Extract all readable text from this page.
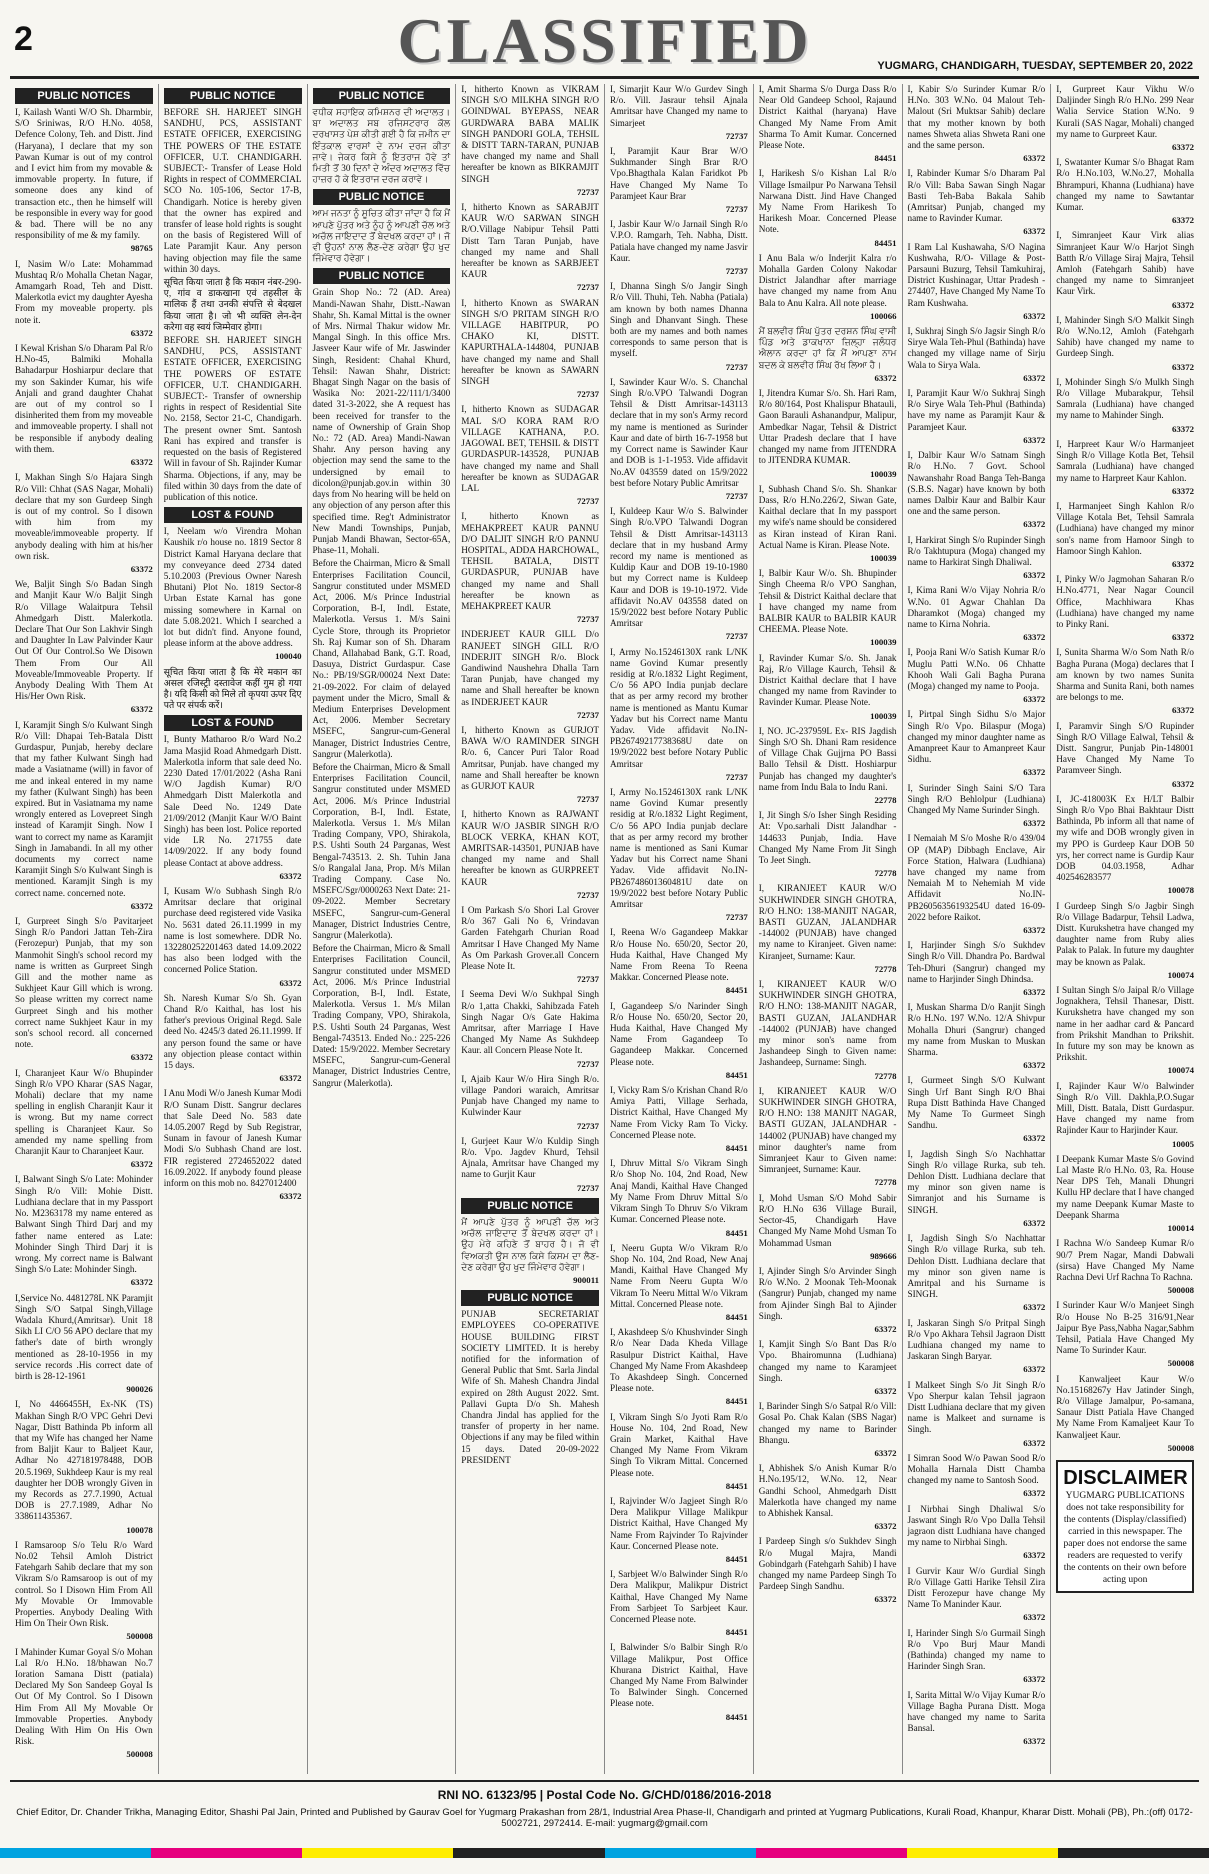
2	CLASSIFIED	YUGMARG, CHANDIGARH, TUESDAY, SEPTEMBER 20, 2022
PUBLIC NOTICES
I, Kailash Wanti W/O Sh. Dharmbir, S/O Sriniwas, R/O H.No. 4058, Defence Colony, Teh. and Distt. Jind (Haryana), I declare that my son Pawan Kumar is out of my control and I evict him from my movable & immovable property. In future, if someone does any kind of transaction etc., then he himself will be responsible in every way for good & bad. There will be no any responsibility of me & my family.
98765
I, Nasim W/o Late: Mohammad Mushtaq R/o Mohalla Chetan Nagar, Amamgarh Road, Teh and Distt. Malerkotla evict my daughter Ayesha From my moveable property. pls note it.
63372
I Kewal Krishan S/o Dharam Pal R/o H.No-45, Balmiki Mohalla Bahadarpur Hoshiarpur declare that my son Sakinder Kumar, his wife Anjali and grand daughter Chahat are out of my control so I disinherited them from my moveable and immoveable property. I shall not be responsible if anybody dealing with them.
63372
I, Makhan Singh S/o Hajara Singh R/o Vill: Chhat (SAS Nagar, Mohali) declare that my son Gurdeep Singh is out of my control. So I disown with him from my moveable/immoveable property. If anybody dealing with him at his/her own risk.
63372
We, Baljit Singh S/o Badan Singh and Manjit Kaur W/o Baljit Singh R/o Village Walaitpura Tehsil Ahmedgarh Distt. Malerkotla. Declare That Our Son Lakhvir Singh and Daughter In Law Palvinder Kaur Out Of Our Control.So We Disown Them From Our All Moveable/Immoveable Property. If Anybody Dealing With Them At His/Her Own Risk.
63372
I, Karamjit Singh S/o Kulwant Singh R/o Vill: Dhapai Teh-Batala Distt Gurdaspur, Punjab, hereby declare that my father Kulwant Singh had made a Vasiatname (will) in favor of me and inkeal entered in my name my father (Kulwant Singh) has been expired. But in Vasiatnama my name wrongly entered as Lovepreet Singh instead of Karamjit Singh. Now I want to correct my name as Karamjit Singh in Jamabandi. In all my other documents my correct name Karamjit Singh S/o Kulwant Singh is mentioned. Karamjit Singh is my correct name. concerned note.
63372
I, Gurpreet Singh S/o Pavitarjeet Singh R/o Pandori Jattan Teh-Zira (Ferozepur) Punjab, that my son Manmohit Singh's school record my name is written as Gurpreet Singh Gill and the mother name as Sukhjeet Kaur Gill which is wrong. So please written my correct name Gurpreet Singh and his mother correct name Sukhjeet Kaur in my son's school record. all concerned note.
63372
I, Charanjeet Kaur W/o Bhupinder Singh R/o VPO Kharar (SAS Nagar, Mohali) declare that my name spelling in english Charanjit Kaur it is wrong. But my name correct spelling is Charanjeet Kaur. So amended my name spelling from Charanjit Kaur to Charanjeet Kaur.
63372
I, Balwant Singh S/o Late: Mohinder Singh R/o Vill: Mohie Distt. Ludhiana declare that in my Passport No. M2363178 my name entered as Balwant Singh Third Darj and my father name entered as Late: Mohinder Singh Third Darj it is wrong. My correct name is Balwant Singh S/o Late: Mohinder Singh.
63372
I,Service No. 4481278L NK Paramjit Singh S/O Satpal Singh,Village Wadala Khurd,(Amritsar). Unit 18 Sikh LI C/O 56 APO declare that my father's date of birth wrongly mentioned as 28-10-1956 in my service records .His correct date of birth is 28-12-1961
900026
I, No 4466455H, Ex-NK (TS) Makhan Singh R/O VPC Gehri Devi Nagar, Distt Bathinda Pb inform all that my Wife has changed her Name from Baljit Kaur to Baljeet Kaur, Adhar No 427181978488, DOB 20.5.1969, Sukhdeep Kaur is my real daughter her DOB wrongly Given in my Records as 27.7.1990, Actual DOB is 27.7.1989, Adhar No 338611435367.
100078
I Ramsaroop S/o Telu R/o Ward No.02 Tehsil Amloh District Fatehgarh Sahib declare that my son Vikram S/o Ramsaroop is out of my control. So I Disown Him From All My Movable Or Immovable Properties. Anybody Dealing With Him On Their Own Risk.
500008
I Mahinder Kumar Goyal S/o Mohan Lal R/o H.No. 18/bhawan No.7 Ioration Samana Distt (patiala) Declared My Son Sandeep Goyal Is Out Of My Control. So I Disown Him From All My Movable Or Immovable Properties. Anybody Dealing With Him On His Own Risk.
500008
PUBLIC NOTICE
BEFORE SH. HARJEET SINGH SANDHU, PCS, ASSISTANT ESTATE OFFICER, EXERCISING THE POWERS OF THE ESTATE OFFICER, U.T. CHANDIGARH. SUBJECT:- Transfer of Lease Hold Rights in respect of COMMERCIAL SCO No. 105-106, Sector 17-B, Chandigarh. Notice is hereby given that the owner has expired and transfer of lease hold rights is sought on the basis of Registered Will of Late Paramjit Kaur. Any person having objection may file the same within 30 days.
सूचित किया जाता है कि मकान नंबर-290-ए, गांव व डाकखाना एवं तहसील के मालिक हैं तथा उनकी संपत्ति से बेदखल किया जाता है। जो भी व्यक्ति लेन-देन करेगा वह स्वयं जिम्मेवार होगा।
BEFORE SH. HARJEET SINGH SANDHU, PCS, ASSISTANT ESTATE OFFICER, EXERCISING THE POWERS OF ESTATE OFFICER, U.T. CHANDIGARH. SUBJECT:- Transfer of ownership rights in respect of Residential Site No. 2158, Sector 21-C, Chandigarh. The present owner Smt. Santosh Rani has expired and transfer is requested on the basis of Registered Will in favour of Sh. Rajinder Kumar Sharma. Objections, if any, may be filed within 30 days from the date of publication of this notice.
LOST & FOUND
I, Neelam w/o Virendra Mohan Kaushik r/o house no. 1819 Sector 8 District Kamal Haryana declare that my conveyance deed 2734 dated 5.10.2003 (Previous Owner Naresh Bhutani) Plot No. 1819 Sector-8 Urban Estate Karnal has gone missing somewhere in Karnal on date 5.08.2021. Which I searched a lot but didn't find. Anyone found, please inform at the above address.
100040
सूचित किया जाता है कि मेरे मकान का असल रजिस्ट्री दस्तावेज कहीं गुम हो गया है। यदि किसी को मिले तो कृपया ऊपर दिए पते पर संपर्क करें।
LOST & FOUND
I, Bunty Matharoo R/o Ward No.2 Jama Masjid Road Ahmedgarh Distt. Malerkotla inform that sale deed No. 2230 Dated 17/01/2022 (Asha Rani W/O Jagdish Kumar) R/O Ahmedgarh Distt Malerkotla and Sale Deed No. 1249 Date 21/09/2012 (Manjit Kaur W/O Baint Singh) has been lost. Police reported vide LR No. 271755 date 14/09/2022. If any body found please Contact at above address.
63372
I, Kusam W/o Subhash Singh R/o Amritsar declare that original purchase deed registered vide Vasika No. 5631 dated 26.11.1999 in my name is lost somewhere. DDR No. 132280252201463 dated 14.09.2022 has also been lodged with the concerned Police Station.
63372
Sh. Naresh Kumar S/o Sh. Gyan Chand R/o Kaithal, has lost his father's previous Original Regd. Sale deed No. 4245/3 dated 26.11.1999. If any person found the same or have any objection please contact within 15 days.
63372
I Anu Modi W/o Janesh Kumar Modi R/O Sunam Distt. Sangrur declares that Sale Deed No. 583 date 14.05.2007 Regd by Sub Registrar, Sunam in favour of Janesh Kumar Modi S/o Subhash Chand are lost. FIR registered 2724652022 dated 16.09.2022. If anybody found please inform on this mob no. 8427012400
63372
PUBLIC NOTICE
ਵਧੀਕ ਸਹਾਇਕ ਕਮਿਸ਼ਨਰ ਦੀ ਅਦਾਲਤ। ਬਾ ਅਦਾਲਤ ਸਬ ਰਜਿਸਟਰਾਰ ਕੋਲ ਦਰਖਾਸਤ ਪੇਸ਼ ਕੀਤੀ ਗਈ ਹੈ ਕਿ ਜਮੀਨ ਦਾ ਇੰਤਕਾਲ ਵਾਰਸਾਂ ਦੇ ਨਾਮ ਦਰਜ ਕੀਤਾ ਜਾਵੇ। ਜੇਕਰ ਕਿਸੇ ਨੂੰ ਇਤਰਾਜ ਹੋਵੇ ਤਾਂ ਮਿਤੀ ਤੋਂ 30 ਦਿਨਾਂ ਦੇ ਅੰਦਰ ਅਦਾਲਤ ਵਿੱਚ ਹਾਜ਼ਰ ਹੋ ਕੇ ਇਤਰਾਜ ਦਰਜ ਕਰਾਵੇ।
PUBLIC NOTICE
ਆਮ ਜਨਤਾ ਨੂੰ ਸੂਚਿਤ ਕੀਤਾ ਜਾਂਦਾ ਹੈ ਕਿ ਮੈਂ ਆਪਣੇ ਪੁੱਤਰ ਅਤੇ ਨੂੰਹ ਨੂੰ ਆਪਣੀ ਚੱਲ ਅਤੇ ਅਚੱਲ ਜਾਇਦਾਦ ਤੋਂ ਬੇਦਖਲ ਕਰਦਾ ਹਾਂ। ਜੋ ਵੀ ਉਹਨਾਂ ਨਾਲ ਲੈਣ-ਦੇਣ ਕਰੇਗਾ ਉਹ ਖੁਦ ਜਿੰਮੇਵਾਰ ਹੋਵੇਗਾ।
PUBLIC NOTICE
Grain Shop No.: 72 (AD. Area) Mandi-Nawan Shahr, Distt.-Nawan Shahr, Sh. Kamal Mittal is the owner of Mrs. Nirmal Thakur widow Mr. Mangal Singh. In this office Mrs. Jasveer Kaur wife of Mr. Jaswinder Singh, Resident: Chahal Khurd, Tehsil: Nawan Shahr, District: Bhagat Singh Nagar on the basis of Wasika No: 2021-22/111/1/3400 dated 31-3-2022, she A request has been received for transfer to the name of Ownership of Grain Shop No.: 72 (AD. Area) Mandi-Nawan Shahr. Any person having any objection may send the same to the undersigned by email to dicolon@punjab.gov.in within 30 days from No hearing will be held on any objection of any person after this specified time. Reg't Administrator New Mandi Townships, Punjab, Punjab Mandi Bhawan, Sector-65A, Phase-11, Mohali.
Before the Chairman, Micro & Small Enterprises Facilitation Council, Sangrur constituted under MSMED Act, 2006. M/s Prince Industrial Corporation, B-I, Indl. Estate, Malerkotla. Versus 1. M/s Saini Cycle Store, through its Proprietor Sh. Raj Kumar son of Sh. Dharam Chand, Allahabad Bank, G.T. Road, Dasuya, District Gurdaspur. Case No.: PB/19/SGR/00024 Next Date: 21-09-2022. For claim of delayed payment under the Micro, Small & Medium Enterprises Development Act, 2006. Member Secretary MSEFC, Sangrur-cum-General Manager, District Industries Centre, Sangrur (Malerkotla).
Before the Chairman, Micro & Small Enterprises Facilitation Council, Sangrur constituted under MSMED Act, 2006. M/s Prince Industrial Corporation, B-I, Indl. Estate, Malerkotla. Versus 1. M/s Milan Trading Company, VPO, Shirakola, P.S. Ushti South 24 Parganas, West Bengal-743513. 2. Sh. Tuhin Jana S/o Rangalal Jana, Prop. M/s Milan Trading Company. Case No. MSEFC/Sgr/0000263 Next Date: 21-09-2022. Member Secretary MSEFC, Sangrur-cum-General Manager, District Industries Centre, Sangrur (Malerkotla).
Before the Chairman, Micro & Small Enterprises Facilitation Council, Sangrur constituted under MSMED Act, 2006. M/s Prince Industrial Corporation, B-I, Indl. Estate, Malerkotla. Versus 1. M/s Milan Trading Company, VPO, Shirakola, P.S. Ushti South 24 Parganas, West Bengal-743513. Ended No.: 225-226 Dated: 15/9/2022. Member Secretary MSEFC, Sangrur-cum-General Manager, District Industries Centre, Sangrur (Malerkotla).
I, hitherto Known as VIKRAM SINGH S/O MILKHA SINGH R/O GOINDWAL BYEPASS, NEAR GURDWARA BABA MALIK SINGH PANDORI GOLA, TEHSIL & DISTT TARN-TARAN, PUNJAB have changed my name and Shall hereafter be known as BIKRAMJIT SINGH
72737
I, hitherto Known as SARABJIT KAUR W/O SARWAN SINGH R/O.Village Nabipur Tehsil Patti Distt Tarn Taran Punjab, have changed my name and Shall hereafter be known as SARBJEET KAUR
72737
I, hitherto Known as SWARAN SINGH S/O PRITAM SINGH R/O VILLAGE HABITPUR, PO CHAKO KI, DISTT. KAPURTHALA-144804, PUNJAB have changed my name and Shall hereafter be known as SAWARN SINGH
72737
I, hitherto Known as SUDAGAR MAL S/O KORA RAM R/O VILLAGE KATHANA, P.O. JAGOWAL BET, TEHSIL & DISTT GURDASPUR-143528, PUNJAB have changed my name and Shall hereafter be known as SUDAGAR LAL
72737
I, hitherto Known as MEHAKPREET KAUR PANNU D/O DALJIT SINGH R/O PANNU HOSPITAL, ADDA HARCHOWAL, TEHSIL BATALA, DISTT GURDASPUR, PUNJAB have changed my name and Shall hereafter be known as MEHAKPREET KAUR
72737
INDERJEET KAUR GILL D/o RANJEET SINGH GILL R/O INDERJIT SINGH R/o. Block Gandiwind Naushehra Dhalla Tarn Taran Punjab, have changed my name and Shall hereafter be known as INDERJEET KAUR
72737
I, hitherto Known as GURJOT BAWA W/O RAMINDER SINGH R/o. 6, Cancer Puri Talor Road Amritsar, Punjab. have changed my name and Shall hereafter be known as GURJOT KAUR
72737
I, hitherto Known as RAJWANT KAUR W/O JASBIR SINGH R/O BLOCK VERKA, KHAN KOT, AMRITSAR-143501, PUNJAB have changed my name and Shall hereafter be known as GURPREET KAUR
72737
I Om Parkash S/o Shori Lal Grover R/o 367 Gali No 6, Vrindavan Garden Fatehgarh Churian Road Amritsar I Have Changed My Name As Om Parkash Grover.all Concern Please Note It.
72737
I Seema Devi W/o Sukhpal Singh R/o 1,atta Chakki, Sahibzada Fateh Singh Nagar O/s Gate Hakima Amritsar, after Marriage I Have Changed My Name As Sukhdeep Kaur. all Concern Please Note It.
72737
I, Ajaib Kaur W/o Hira Singh R/o. village Pandori waraich, Amritsar Punjab have Changed my name to Kulwinder Kaur
72737
I, Gurjeet Kaur W/o Kuldip Singh R/o. Vpo. Jagdev Khurd, Tehsil Ajnala, Amritsar have Changed my name to Gurjit Kaur
72737
PUBLIC NOTICE
ਮੈਂ ਆਪਣੇ ਪੁੱਤਰ ਨੂੰ ਆਪਣੀ ਚੱਲ ਅਤੇ ਅਚੱਲ ਜਾਇਦਾਦ ਤੋਂ ਬੇਦਖਲ ਕਰਦਾ ਹਾਂ। ਉਹ ਮੇਰੇ ਕਹਿਣੇ ਤੋਂ ਬਾਹਰ ਹੈ। ਜੋ ਵੀ ਵਿਅਕਤੀ ਉਸ ਨਾਲ ਕਿਸੇ ਕਿਸਮ ਦਾ ਲੈਣ-ਦੇਣ ਕਰੇਗਾ ਉਹ ਖੁਦ ਜਿੰਮੇਵਾਰ ਹੋਵੇਗਾ।
900011
PUBLIC NOTICE
PUNJAB SECRETARIAT EMPLOYEES CO-OPERATIVE HOUSE BUILDING FIRST SOCIETY LIMITED. It is hereby notified for the information of General Public that Smt. Sarla Jindal Wife of Sh. Mahesh Chandra Jindal expired on 28th August 2022. Smt. Pallavi Gupta D/o Sh. Mahesh Chandra Jindal has applied for the transfer of property in her name. Objections if any may be filed within 15 days. Dated 20-09-2022 PRESIDENT
I, Simarjit Kaur W/o Gurdev Singh R/o. Vill. Jasraur tehsil Ajnala Amritsar have Changed my name to Simarjeet
72737
I, Paramjit Kaur Brar W/O Sukhmander Singh Brar R/O Vpo.Bhagthala Kalan Faridkot Pb Have Changed My Name To Paramjeet Kaur Brar
72737
I, Jasbir Kaur W/o Jarnail Singh R/o V.P.O. Ramgarh, Teh. Nabha, Distt. Patiala have changed my name Jasvir Kaur.
72737
I, Dhanna Singh S/o Jangir Singh R/o Vill. Thuhi, Teh. Nabha (Patiala) am known by both names Dhanna Singh and Dhanvant Singh. These both are my names and both names corresponds to same person that is myself.
72737
I, Sawinder Kaur W/o. S. Chanchal Singh R/o.VPO Talwandi Dogran Tehsil & Distt Amritsar-143113 declare that in my son's Army record my name is mentioned as Surinder Kaur and date of birth 16-7-1958 but my Correct name is Sawinder Kaur and DOB is 1-1-1953. Vide affidavit No.AV 043559 dated on 15/9/2022 best before Notary Public Amritsar
72737
I, Kuldeep Kaur W/o S. Balwinder Singh R/o.VPO Talwandi Dogran Tehsil & Distt Amritsar-143113 declare that in my husband Army record my name is mentioned as Kuldip Kaur and DOB 19-10-1980 but my Correct name is Kuldeep Kaur and DOB is 19-10-1972. Vide affidavit No.AV 043558 dated on 15/9/2022 best before Notary Public Amritsar
72737
I, Army No.15246130X rank L/NK name Govind Kumar presently residig at R/o.1832 Light Regiment, C/o 56 APO India punjab declare that as per army record my brother name is mentioned as Mantu Kumar Yadav but his Correct name Mantu Yadav. Vide affidavit No.IN-PB26749217738368U date on 19/9/2022 best before Notary Public Amritsar
72737
I, Army No.15246130X rank L/NK name Govind Kumar presently residig at R/o.1832 Light Regiment, C/o 56 APO India punjab declare that as per army record my brother name is mentioned as Sani Kumar Yadav but his Correct name Shani Yadav. Vide affidavit No.IN-PB26748601360481U date on 19/9/2022 best before Notary Public Amritsar
72737
I, Reena W/o Gagandeep Makkar R/o House No. 650/20, Sector 20, Huda Kaithal, Have Changed My Name From Reena To Reena Makkar. Concerned Please note.
84451
I, Gagandeep S/o Narinder Singh R/o House No. 650/20, Sector 20, Huda Kaithal, Have Changed My Name From Gagandeep To Gagandeep Makkar. Concerned Please note.
84451
I, Vicky Ram S/o Krishan Chand R/o Amiya Patti, Village Serhada, District Kaithal, Have Changed My Name From Vicky Ram To Vicky. Concerned Please note.
84451
I, Dhruv Mittal S/o Vikram Singh R/o Shop No. 104, 2nd Road, New Anaj Mandi, Kaithal Have Changed My Name From Dhruv Mittal S/o Vikram Singh To Dhruv S/o Vikram Kumar. Concerned Please note.
84451
I, Neeru Gupta W/o Vikram R/o Shop No. 104, 2nd Road, New Anaj Mandi, Kaithal Have Changed My Name From Neeru Gupta W/o Vikram To Neeru Mittal W/o Vikram Mittal. Concerned Please note.
84451
I, Akashdeep S/o Khushvinder Singh R/o Near Dada Kheda Village Rasulpur District Kaithal, Have Changed My Name From Akashdeep To Akashdeep Singh. Concerned Please note.
84451
I, Vikram Singh S/o Jyoti Ram R/o House No. 104, 2nd Road, New Grain Market, Kaithal Have Changed My Name From Vikram Singh To Vikram Mittal. Concerned Please note.
84451
I, Rajvinder W/o Jagjeet Singh R/o Dera Malikpur Village Malikpur District Kaithal, Have Changed My Name From Rajvinder To Rajvinder Kaur. Concerned Please note.
84451
I, Sarbjeet W/o Balwinder Singh R/o Dera Malikpur, Malikpur District Kaithal, Have Changed My Name From Sarbjeet To Sarbjeet Kaur. Concerned Please note.
84451
I, Balwinder S/o Balbir Singh R/o Village Malikpur, Post Office Khurana District Kaithal, Have Changed My Name From Balwinder To Balwinder Singh. Concerned Please note.
84451
I, Amit Sharma S/o Durga Dass R/o Near Old Gandeep School, Rajaund District Kaithal (haryana) Have Changed My Name From Amit Sharma To Amit Kumar. Concerned Please Note.
84451
I, Harikesh S/o Kishan Lal R/o Village Ismailpur Po Narwana Tehsil Narwana Distt. Jind Have Changed My Name From Harikesh To Harikesh Moar. Concerned Please Note.
84451
I Anu Bala w/o Inderjit Kalra r/o Mohalla Garden Colony Nakodar District Jalandhar after marriage have changed my name from Anu Bala to Anu Kalra. All note please.
100066
ਮੈਂ ਬਲਵੀਰ ਸਿੰਘ ਪੁੱਤਰ ਦਰਸ਼ਨ ਸਿੰਘ ਵਾਸੀ ਪਿੰਡ ਅਤੇ ਡਾਕਖਾਨਾ ਜ਼ਿਲ੍ਹਾ ਜਲੰਧਰ ਐਲਾਨ ਕਰਦਾ ਹਾਂ ਕਿ ਮੈਂ ਆਪਣਾ ਨਾਮ ਬਦਲ ਕੇ ਬਲਵੀਰ ਸਿੰਘ ਰੱਖ ਲਿਆ ਹੈ।
63372
I, Jitendra Kumar S/o. Sh. Hari Ram, R/o 80/164, Post Khalispur Bhatauli, Gaon Barauli Ashanandpur, Malipur, Ambedkar Nagar, Tehsil & District Uttar Pradesh declare that I have changed my name from JITENDRA to JITENDRA KUMAR.
100039
I, Subhash Chand S/o. Sh. Shankar Dass, R/o H.No.226/2, Siwan Gate, Kaithal declare that In my passport my wife's name should be considered as Kiran instead of Kiran Rani. Actual Name is Kiran. Please Note.
100039
I, Balbir Kaur W/o. Sh. Bhupinder Singh Cheema R/o VPO Sanghan, Tehsil & District Kaithal declare that I have changed my name from BALBIR KAUR to BALBIR KAUR CHEEMA. Please Note.
100039
I, Ravinder Kumar S/o. Sh. Janak Raj, R/o Village Kaurch, Tehsil & District Kaithal declare that I have changed my name from Ravinder to Ravinder Kumar. Please Note.
100039
I, NO. JC-237959L Ex- RIS Jagdish Singh S/O Sh. Dhani Ram residence of Village Chak Gujjrna PO Bassi Ballo Tehsil & Distt. Hoshiarpur Punjab has changed my daughter's name from Indu Bala to Indu Rani.
22778
I, Jit Singh S/o Isher Singh Residing At: Vpo.sarhali Distt Jalandhar - 144633 Punjab, India. Have Changed My Name From Jit Singh To Jeet Singh.
72778
I, KIRANJEET KAUR W/O SUKHWINDER SINGH GHOTRA, R/O H.NO: 138-MANJIT NAGAR, BASTI GUZAN, JALANDHAR -144002 (PUNJAB) have changed my name to Kiranjeet. Given name: Kiranjeet, Surname: Kaur.
72778
I, KIRANJEET KAUR W/O SUKHWINDER SINGH GHOTRA, R/O H.NO: 138-MANJIT NAGAR, BASTI GUZAN, JALANDHAR -144002 (PUNJAB) have changed my minor son's name from Jashandeep Singh to Given name: Jashandeep, Surname: Singh.
72778
I, KIRANJEET KAUR W/O SUKHWINDER SINGH GHOTRA, R/O H.NO: 138 MANJIT NAGAR, BASTI GUZAN, JALANDHAR - 144002 (PUNJAB) have changed my minor daughter's name from Simranjeet Kaur to Given name: Simranjeet, Surname: Kaur.
72778
I, Mohd Usman S/O Mohd Sabir R/O H.No 636 Village Burail, Sector-45, Chandigarh Have Changed My Name Mohd Usman To Mohammad Usman
989666
I, Ajinder Singh S/o Arvinder Singh R/o W.No. 2 Moonak Teh-Moonak (Sangrur) Punjab, changed my name from Ajinder Singh Bal to Ajinder Singh.
63372
I, Kamjit Singh S/o Bant Das R/o Vpo. Bhairomunna (Ludhiana) changed my name to Karamjeet Singh.
63372
I, Barinder Singh S/o Satpal R/o Vill: Gosal Po. Chak Kalan (SBS Nagar) changed my name to Barinder Bhangu.
63372
I, Abhishek S/o Anish Kumar R/o H.No.195/12, W.No. 12, Near Gandhi School, Ahmedgarh Distt Malerkotla have changed my name to Abhishek Kansal.
63372
I Pardeep Singh s/o Sukhdev Singh R/o Mugal Majra, Mandi Gobindgarh (Fatehgarh Sahib) I have changed my name Pardeep Singh To Pardeep Singh Sandhu.
63372
I, Kabir S/o Surinder Kumar R/o H.No. 303 W.No. 04 Malout Teh-Malout (Sri Muktsar Sahib) declare that my mother known by both names Shweta alias Shweta Rani one and the same person.
63372
I, Rabinder Kumar S/o Dharam Pal R/o Vill: Baba Sawan Singh Nagar Basti Teh-Baba Bakala Sahib (Amritsar) Punjab, changed my name to Ravinder Kumar.
63372
I Ram Lal Kushawaha, S/O Nagina Kushwaha, R/O- Village & Post-Parsauni Buzurg, Tehsil Tamkuhiraj, District Kushinagar, Uttar Pradesh - 274407, Have Changed My Name To Ram Kushwaha.
63372
I, Sukhraj Singh S/o Jagsir Singh R/o Sirye Wala Teh-Phul (Bathinda) have changed my village name of Sirju Wala to Sirya Wala.
63372
I, Paramjit Kaur W/o Sukhraj Singh R/o Sirye Wala Teh-Phul (Bathinda) have my name as Paramjit Kaur & Paramjeet Kaur.
63372
I, Dalbir Kaur W/o Satnam Singh R/o H.No. 7 Govt. School Nawanshahr Road Banga Teh-Banga (S.B.S. Nagar) have known by both names Dalbir Kaur and Balbir Kaur one and the same person.
63372
I, Harkirat Singh S/o Rupinder Singh R/o Takhtupura (Moga) changed my name to Harkirat Singh Dhaliwal.
63372
I, Kima Rani W/o Vijay Nohria R/o W.No. 01 Agwar Chahlan Da Dharamkot (Moga) changed my name to Kirna Nohria.
63372
I, Pooja Rani W/o Satish Kumar R/o Muglu Patti W.No. 06 Chhatte Khooh Wali Gali Bagha Purana (Moga) changed my name to Pooja.
63372
I, Pirtpal Singh Sidhu S/o Major Singh R/o Vpo. Bilaspur (Moga) changed my minor daughter name as Amanpreet Kaur to Amanpreet Kaur Sidhu.
63372
I, Surinder Singh Saini S/O Tara Singh R/O Behlolpur (Ludhiana) Changed My Name Surinder Singh.
63372
I Nemaiah M S/o Moshe R/o 439/04 OP (MAP) Dibbagh Enclave, Air Force Station, Halwara (Ludhiana) have changed my name from Nemaiah M to Nehemiah M vide Affidavit No.IN-PB26056356193254U dated 16-09-2022 before Raikot.
63372
I, Harjinder Singh S/o Sukhdev Singh R/o Vill. Dhandra Po. Bardwal Teh-Dhuri (Sangrur) changed my name to Harjinder Singh Dhindsa.
63372
I, Muskan Sharma D/o Ranjit Singh R/o H.No. 197 W.No. 12/A Shivpur Mohalla Dhuri (Sangrur) changed my name from Muskan to Muskan Sharma.
63372
I, Gurmeet Singh S/O Kulwant Singh Urf Bant Singh R/O Bhai Rupa Distt Bathinda Have Changed My Name To Gurmeet Singh Sandhu.
63372
I, Jagdish Singh S/o Nachhattar Singh R/o village Rurka, sub teh. Dehlon Distt. Ludhiana declare that my minor son given name is Simranjot and his Surname is SINGH.
63372
I, Jagdish Singh S/o Nachhattar Singh R/o village Rurka, sub teh. Dehlon Distt. Ludhiana declare that my minor son given name is Amritpal and his Surname is SINGH.
63372
I, Jaskaran Singh S/o Pritpal Singh R/o Vpo Akhara Tehsil Jagraon Distt Ludhiana changed my name to Jaskaran Singh Baryar.
63372
I Malkeet Singh S/o Jit Singh R/o Vpo Sherpur kalan Tehsil jagraon Distt Ludhiana declare that my given name is Malkeet and surname is Singh.
63372
I Simran Sood W/o Pawan Sood R/o Mohalla Harnala Distt Chamba changed my name to Santosh Sood.
63372
I Nirbhai Singh Dhaliwal S/o Jaswant Singh R/o Vpo Dalla Tehsil jagraon distt Ludhiana have changed my name to Nirbhai Singh.
63372
I Gurvir Kaur W/o Gurdial Singh R/o Village Gatti Harike Tehsil Zira Distt Ferozepur have change My Name To Maninder Kaur.
63372
I, Harinder Singh S/o Gurmail Singh R/o Vpo Burj Maur Mandi (Bathinda) changed my name to Harinder Singh Sran.
63372
I, Sarita Mittal W/o Vijay Kumar R/o Village Bagha Purana Distt. Moga have changed my name to Sarita Bansal.
63372
I, Gurpreet Kaur Vikhu W/o Daljinder Singh R/o H.No. 299 Near Walia Service Station W.No. 9 Kurali (SAS Nagar, Mohali) changed my name to Gurpreet Kaur.
63372
I, Swatanter Kumar S/o Bhagat Ram R/o H.No.103, W.No.27, Mohalla Bhrampuri, Khanna (Ludhiana) have changed my name to Sawtantar Kumar.
63372
I, Simranjeet Kaur Virk alias Simranjeet Kaur W/o Harjot Singh Batth R/o Village Siraj Majra, Tehsil Amloh (Fatehgarh Sahib) have changed my name to Simranjeet Kaur Virk.
63372
I, Mahinder Singh S/O Malkit Singh R/o W.No.12, Amloh (Fatehgarh Sahib) have changed my name to Gurdeep Singh.
63372
I, Mohinder Singh S/o Mulkh Singh R/o Village Mubarakpur, Tehsil Samrala (Ludhiana) have changed my name to Mahinder Singh.
63372
I, Harpreet Kaur W/o Harmanjeet Singh R/o Village Kotla Bet, Tehsil Samrala (Ludhiana) have changed my name to Harpreet Kaur Kahlon.
63372
I, Harmanjeet Singh Kahlon R/o Village Kotala Bet, Tehsil Samrala (Ludhiana) have changed my minor son's name from Hamoor Singh to Hamoor Singh Kahlon.
63372
I, Pinky W/o Jagmohan Saharan R/o H.No.4771, Near Nagar Council Office, Machhiwara Khas (Ludhiana) have changed my name to Pinky Rani.
63372
I, Sunita Sharma W/o Som Nath R/o Bagha Purana (Moga) declares that I am known by two names Sunita Sharma and Sunita Rani, both names are belongs to me.
63372
I, Paramvir Singh S/O Rupinder Singh R/O Village Ealwal, Tehsil & Distt. Sangrur, Punjab Pin-148001 Have Changed My Name To Paramveer Singh.
63372
I, JC-418003K Ex H/LT Balbir Singh R/o Vpo Bhai Bakhtaur Distt Bathinda, Pb inform all that name of my wife and DOB wrongly given in my PPO is Gurdeep Kaur DOB 50 yrs, her correct name is Gurdip Kaur DOB 04.03.1958, Adhar 402546283577
100078
I Gurdeep Singh S/o Jagbir Singh R/o Village Badarpur, Tehsil Ladwa, Distt. Kurukshetra have changed my daughter name from Ruby alies Palak to Palak. In future my daughter may be known as Palak.
100074
I Sultan Singh S/o Jaipal R/o Village Jognakhera, Tehsil Thanesar, Distt. Kurukshetra have changed my son name in her aadhar card & Pancard from Prikshit Mandhan to Prikshit. In future my son may be known as Prikshit.
100074
I, Rajinder Kaur W/o Balwinder Singh R/o Vill. Dakhla,P.O.Sugar Mill, Distt. Batala, Distt Gurdaspur. Have changed my name from Rajinder Kaur to Harjinder Kaur.
10005
I Deepank Kumar Maste S/o Govind Lal Maste R/o H.No. 03, Ra. House Near DPS Teh, Manali Dhungri Kullu HP declare that I have changed my name Deepank Kumar Maste to Deepank Sharma
100014
I Rachna W/o Sandeep Kumar R/o 90/7 Prem Nagar, Mandi Dabwali (sirsa) Have Changed My Name Rachna Devi Urf Rachna To Rachna.
500008
I Surinder Kaur W/o Manjeet Singh R/o House No B-25 316/91,Near Jaipur Bye Pass,Nabha Nagar,Sabhm Tehsil, Patiala Have Changed My Name To Surinder Kaur.
500008
I Kanwaljeet Kaur W/o No.15168267y Hav Jatinder Singh, R/o Village Jamalpur, Po-samana, Sanaur Distt Patiala Have Changed My Name From Kamaljeet Kaur To Kanwaljeet Kaur.
500008
DISCLAIMER
YUGMARG PUBLICATIONS does not take responsibility for the contents (Display/classified) carried in this newspaper. The paper does not endorse the same readers are requested to verify the contents on their own before acting upon
RNI NO. 61323/95 | Postal Code No. G/CHD/0186/2016-2018
Chief Editor, Dr. Chander Trikha, Managing Editor, Shashi Pal Jain, Printed and Published by Gaurav Goel for Yugmarg Prakashan from 28/1, Industrial Area Phase-II, Chandigarh and printed at Yugmarg Publications, Kurali Road, Khanpur, Kharar Distt. Mohali (PB), Ph.:(off) 0172-5002721, 2972414. E-mail: yugmarg@gmail.com
